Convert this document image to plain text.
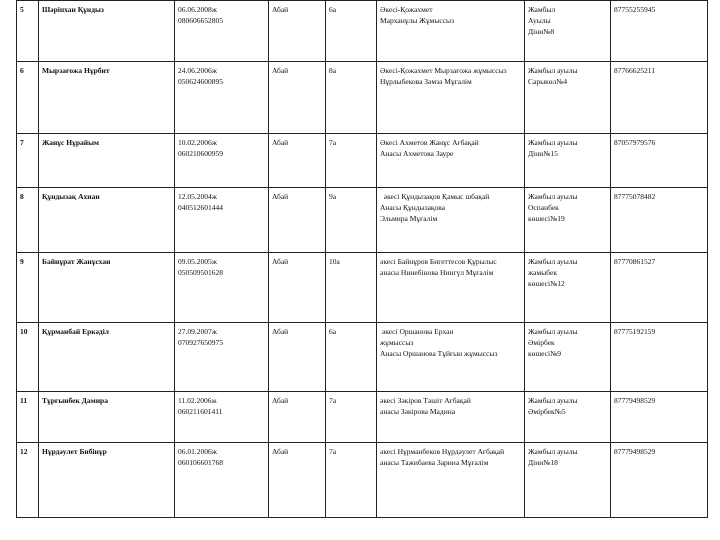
5	Шәрiпхан Құндыз	06.06.2008ж
080606652805	Абай	6а	Әкесi-Қожахмет
Марханұлы Жұмыссыз	Жамбыл
Ауылы
Дiни№8	87755255945
6	Мырзағожа Нұрбит	24.06.2006ж
050624600895	Абай	8а	Әкесi-Қожахмет Мырзағожа жұмыссыз
Нұрлыбекова Зәмзә Мұғалiм	Жамбыл ауылы
Сарыкөл№4	87766625211
7	Жанұс Нұрайым	10.02.2006ж
060210600959	Абай	7а	Әкесi Ахметов Жанұс Ағбақай
Анасы Ахметова Зауре	Жамбыл ауылы
Дiни№15	87057979576
8	Құндызақ Ахиан	12.05.2004ж
040512601444	Абай	9а	әкесi Құндызақов Қамыс шбақай
Анасы Құндызақова
Эльмира Мұғалiм	Жамбыл ауылы
Оспанбек
көшесi№19	87775078482
9	Байнұрат Жанұсхан	09.05.2005ж
050509501628	Абай	10а	әкесi Байнұров Бигеттесов Құрылыс
анасы Нинебiнова Нингүл Мұғалiм	Жамбыл ауылы
жамыбек
көшесi№12	87770861527
10	Құрманбай Еркәдiл	27.09.2007ж
070927650975	Абай	6а	әкесi Оршанова Ерхан
жұмыссыз
Анасы Оршанова Тұйғын жұмыссыз	Жамбыл ауылы
Әмiрбек
көшесi№9	87775192159
11	Тұрғынбек Дамира	11.02.2006ж
060211601411	Абай	7а	әкесi Зәкiров Тәшiт Ағбақай
анасы Зәкiрова Мадина	Жамбыл ауылы
Әмiрбек№5	87779498529
12	Нұрдәулет Бибiнұр	06.01.2006ж
060106601768	Абай	7а	әкесi Нұрманбеков Нұрдәулет Ағбақай
анасы Тажибаева Зарина Мұғалiм	Жамбыл ауылы
Дiни№18	87779498529
